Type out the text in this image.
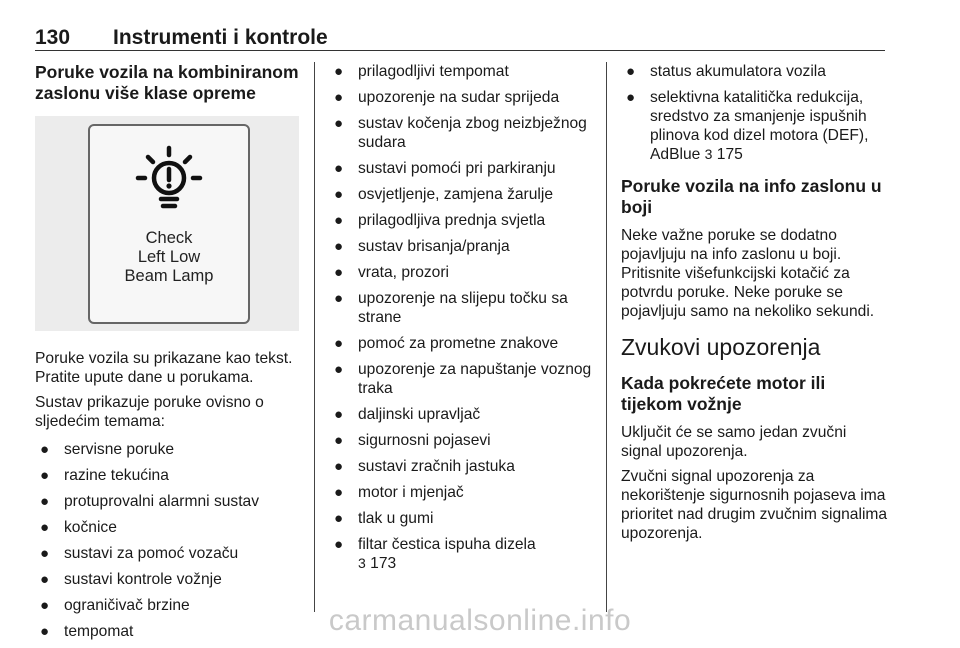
130 Instrumenti i kontrole
Poruke vozila na kombiniranom zaslonu više klase opreme
Check
Left Low
Beam Lamp

Poruke vozila su prikazane kao tekst. Pratite upute dane u porukama.

Sustav prikazuje poruke ovisno o sljedećim temama:

● servisne poruke
● razine tekućina
● protuprovalni alarmni sustav
● kočnice
● sustavi za pomoć vozaču
● sustavi kontrole vožnje
● ograničivač brzine
● tempomat
● prilagodljivi tempomat
● upozorenje na sudar sprijeda
● sustav kočenja zbog neizbježnog sudara
● sustavi pomoći pri parkiranju
● osvjetljenje, zamjena žarulje
● prilagodljiva prednja svjetla
● sustav brisanja/pranja
● vrata, prozori
● upozorenje na slijepu točku sa strane
● pomoć za prometne znakove
● upozorenje za napuštanje voznog traka
● daljinski upravljač
● sigurnosni pojasevi
● sustavi zračnih jastuka
● motor i mjenjač
● tlak u gumi
● filtar čestica ispuha dizela
3 173
● status akumulatora vozila
● selektivna katalitička redukcija, sredstvo za smanjenje ispušnih plinova kod dizel motora (DEF), AdBlue 3 175
Poruke vozila na info zaslonu u boji

Neke važne poruke se dodatno pojavljuju na info zaslonu u boji. Pritisnite višefunkcijski kotačić za potvrdu poruke. Neke poruke se pojavljuju samo na nekoliko sekundi.

Zvukovi upozorenja
Kada pokrećete motor ili tijekom vožnje

Uključit će se samo jedan zvučni signal upozorenja.

Zvučni signal upozorenja za nekorištenje sigurnosnih pojaseva ima prioritet nad drugim zvučnim signalima upozorenja.

carmanualsonline.info
